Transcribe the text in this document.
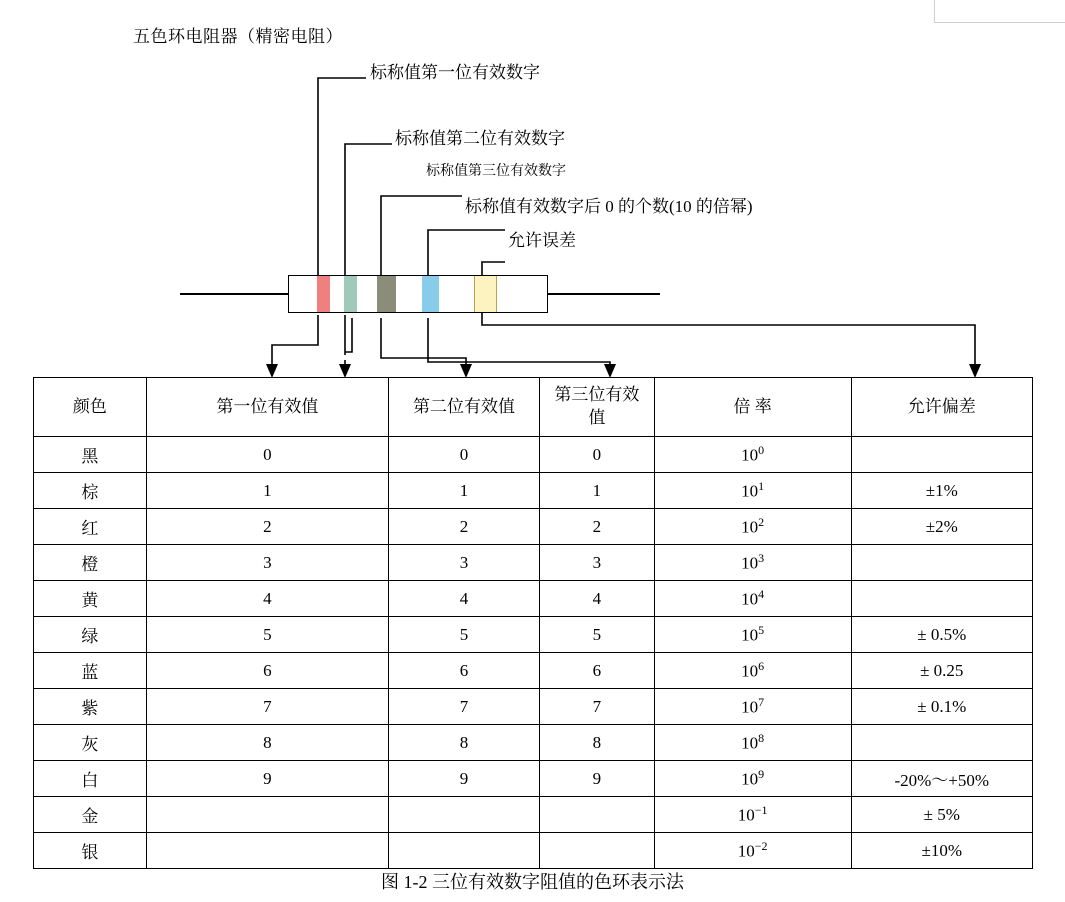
五色环电阻器（精密电阻）
标称值第一位有效数字
标称值第二位有效数字
标称值第三位有效数字
标称值有效数字后 0 的个数(10 的倍幂)
允许误差
颜色	第一位有效值	第二位有效值	第三位有效值	倍 率	允许偏差
黑	0	0	0	$10^0$	
棕	1	1	1	$10^1$	±1%
红	2	2	2	$10^2$	±2%
橙	3	3	3	$10^3$	
黄	4	4	4	$10^4$	
绿	5	5	5	$10^5$	± 0.5%
蓝	6	6	6	$10^6$	± 0.25
紫	7	7	7	$10^7$	± 0.1%
灰	8	8	8	$10^8$	
白	9	9	9	$10^9$	-20%～+50%
金				$10^{-1}$	± 5%
银				$10^{-2}$	±10%
图 1-2 三位有效数字阻值的色环表示法
